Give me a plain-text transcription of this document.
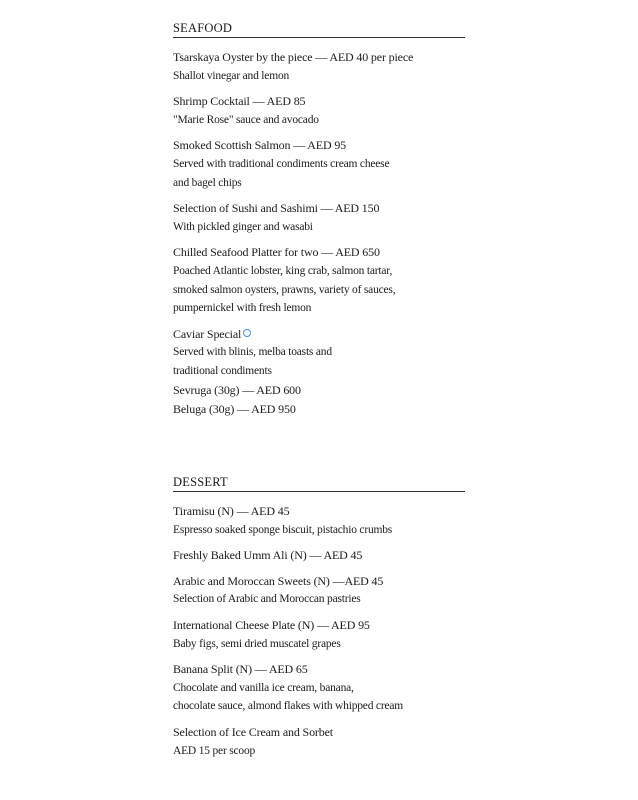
SEAFOOD
Tsarskaya Oyster by the piece — AED 40 per piece
Shallot vinegar and lemon
Shrimp Cocktail — AED 85
"Marie Rose" sauce and avocado
Smoked Scottish Salmon — AED 95
Served with traditional condiments cream cheese
and bagel chips
Selection of Sushi and Sashimi — AED 150
With pickled ginger and wasabi
Chilled Seafood Platter for two — AED 650
Poached Atlantic lobster, king crab, salmon tartar,
smoked salmon oysters, prawns, variety of sauces,
pumpernickel with fresh lemon
Caviar Special
Served with blinis, melba toasts and
traditional condiments
Sevruga (30g) — AED 600
Beluga (30g) — AED 950
DESSERT
Tiramisu (N) — AED 45
Espresso soaked sponge biscuit, pistachio crumbs
Freshly Baked Umm Ali (N) — AED 45
Arabic and Moroccan Sweets (N) —AED 45
Selection of Arabic and Moroccan pastries
International Cheese Plate (N) — AED 95
Baby figs, semi dried muscatel grapes
Banana Split (N) — AED 65
Chocolate and vanilla ice cream, banana,
chocolate sauce, almond flakes with whipped cream
Selection of Ice Cream and Sorbet
AED 15 per scoop
